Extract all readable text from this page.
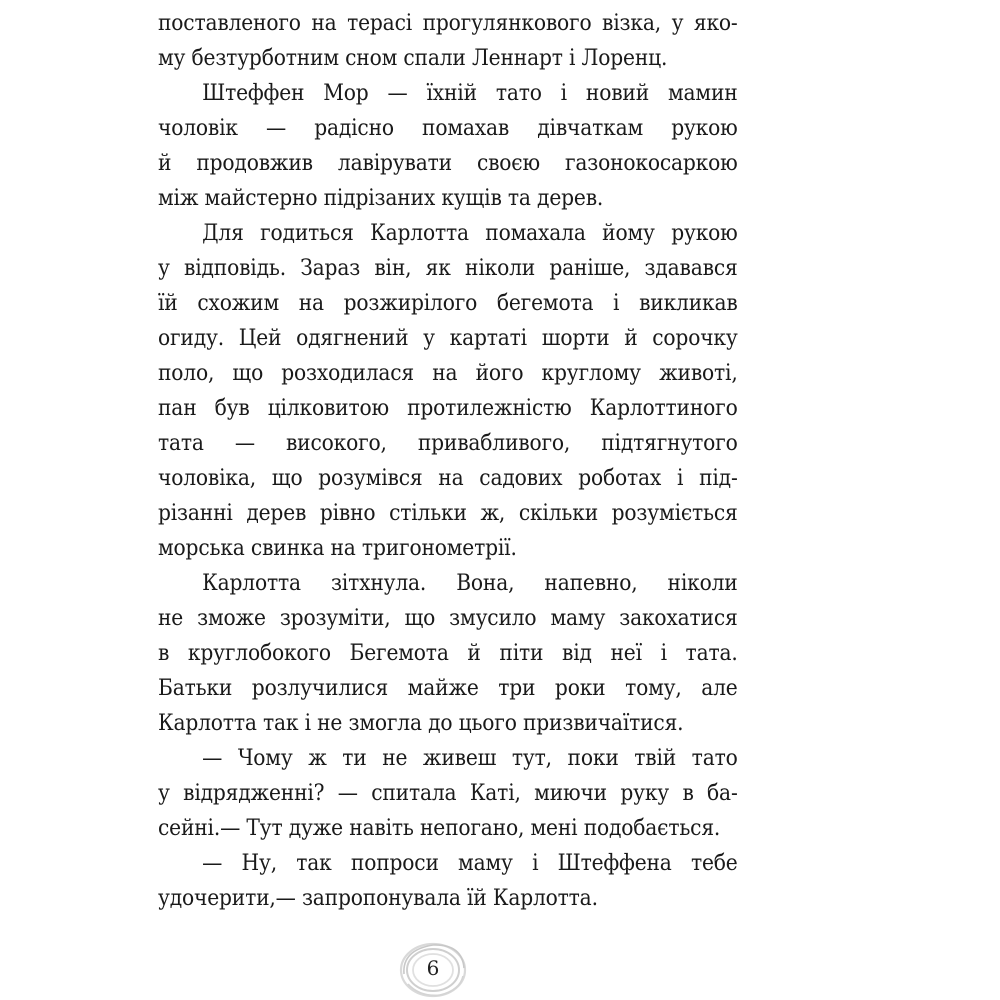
поставленого на терасі прогулянкового візка, у яко-
му безтурботним сном спали Леннарт і Лоренц.
Штеффен Мор — їхній тато і новий мамин
чоловік — радісно помахав дівчаткам рукою
й продовжив лавірувати своєю газонокосаркою
між майстерно підрізаних кущів та дерев.
Для годиться Карлотта помахала йому рукою
у відповідь. Зараз він, як ніколи раніше, здавався
їй схожим на розжирілого бегемота і викликав
огиду. Цей одягнений у картаті шорти й сорочку
поло, що розходилася на його круглому животі,
пан був цілковитою протилежністю Карлоттиного
тата — високого, привабливого, підтягнутого
чоловіка, що розумівся на садових роботах і під-
різанні дерев рівно стільки ж, скільки розуміється
морська свинка на тригонометрії.
Карлотта зітхнула. Вона, напевно, ніколи
не зможе зрозуміти, що змусило маму закохатися
в круглобокого Бегемота й піти від неї і тата.
Батьки розлучилися майже три роки тому, але
Карлотта так і не змогла до цього призвичаїтися.
— Чому ж ти не живеш тут, поки твій тато
у відрядженні? — спитала Каті, миючи руку в ба-
сейні.— Тут дуже навіть непогано, мені подобається.
— Ну, так попроси маму і Штеффена тебе
удочерити,— запропонувала їй Карлотта.
6
